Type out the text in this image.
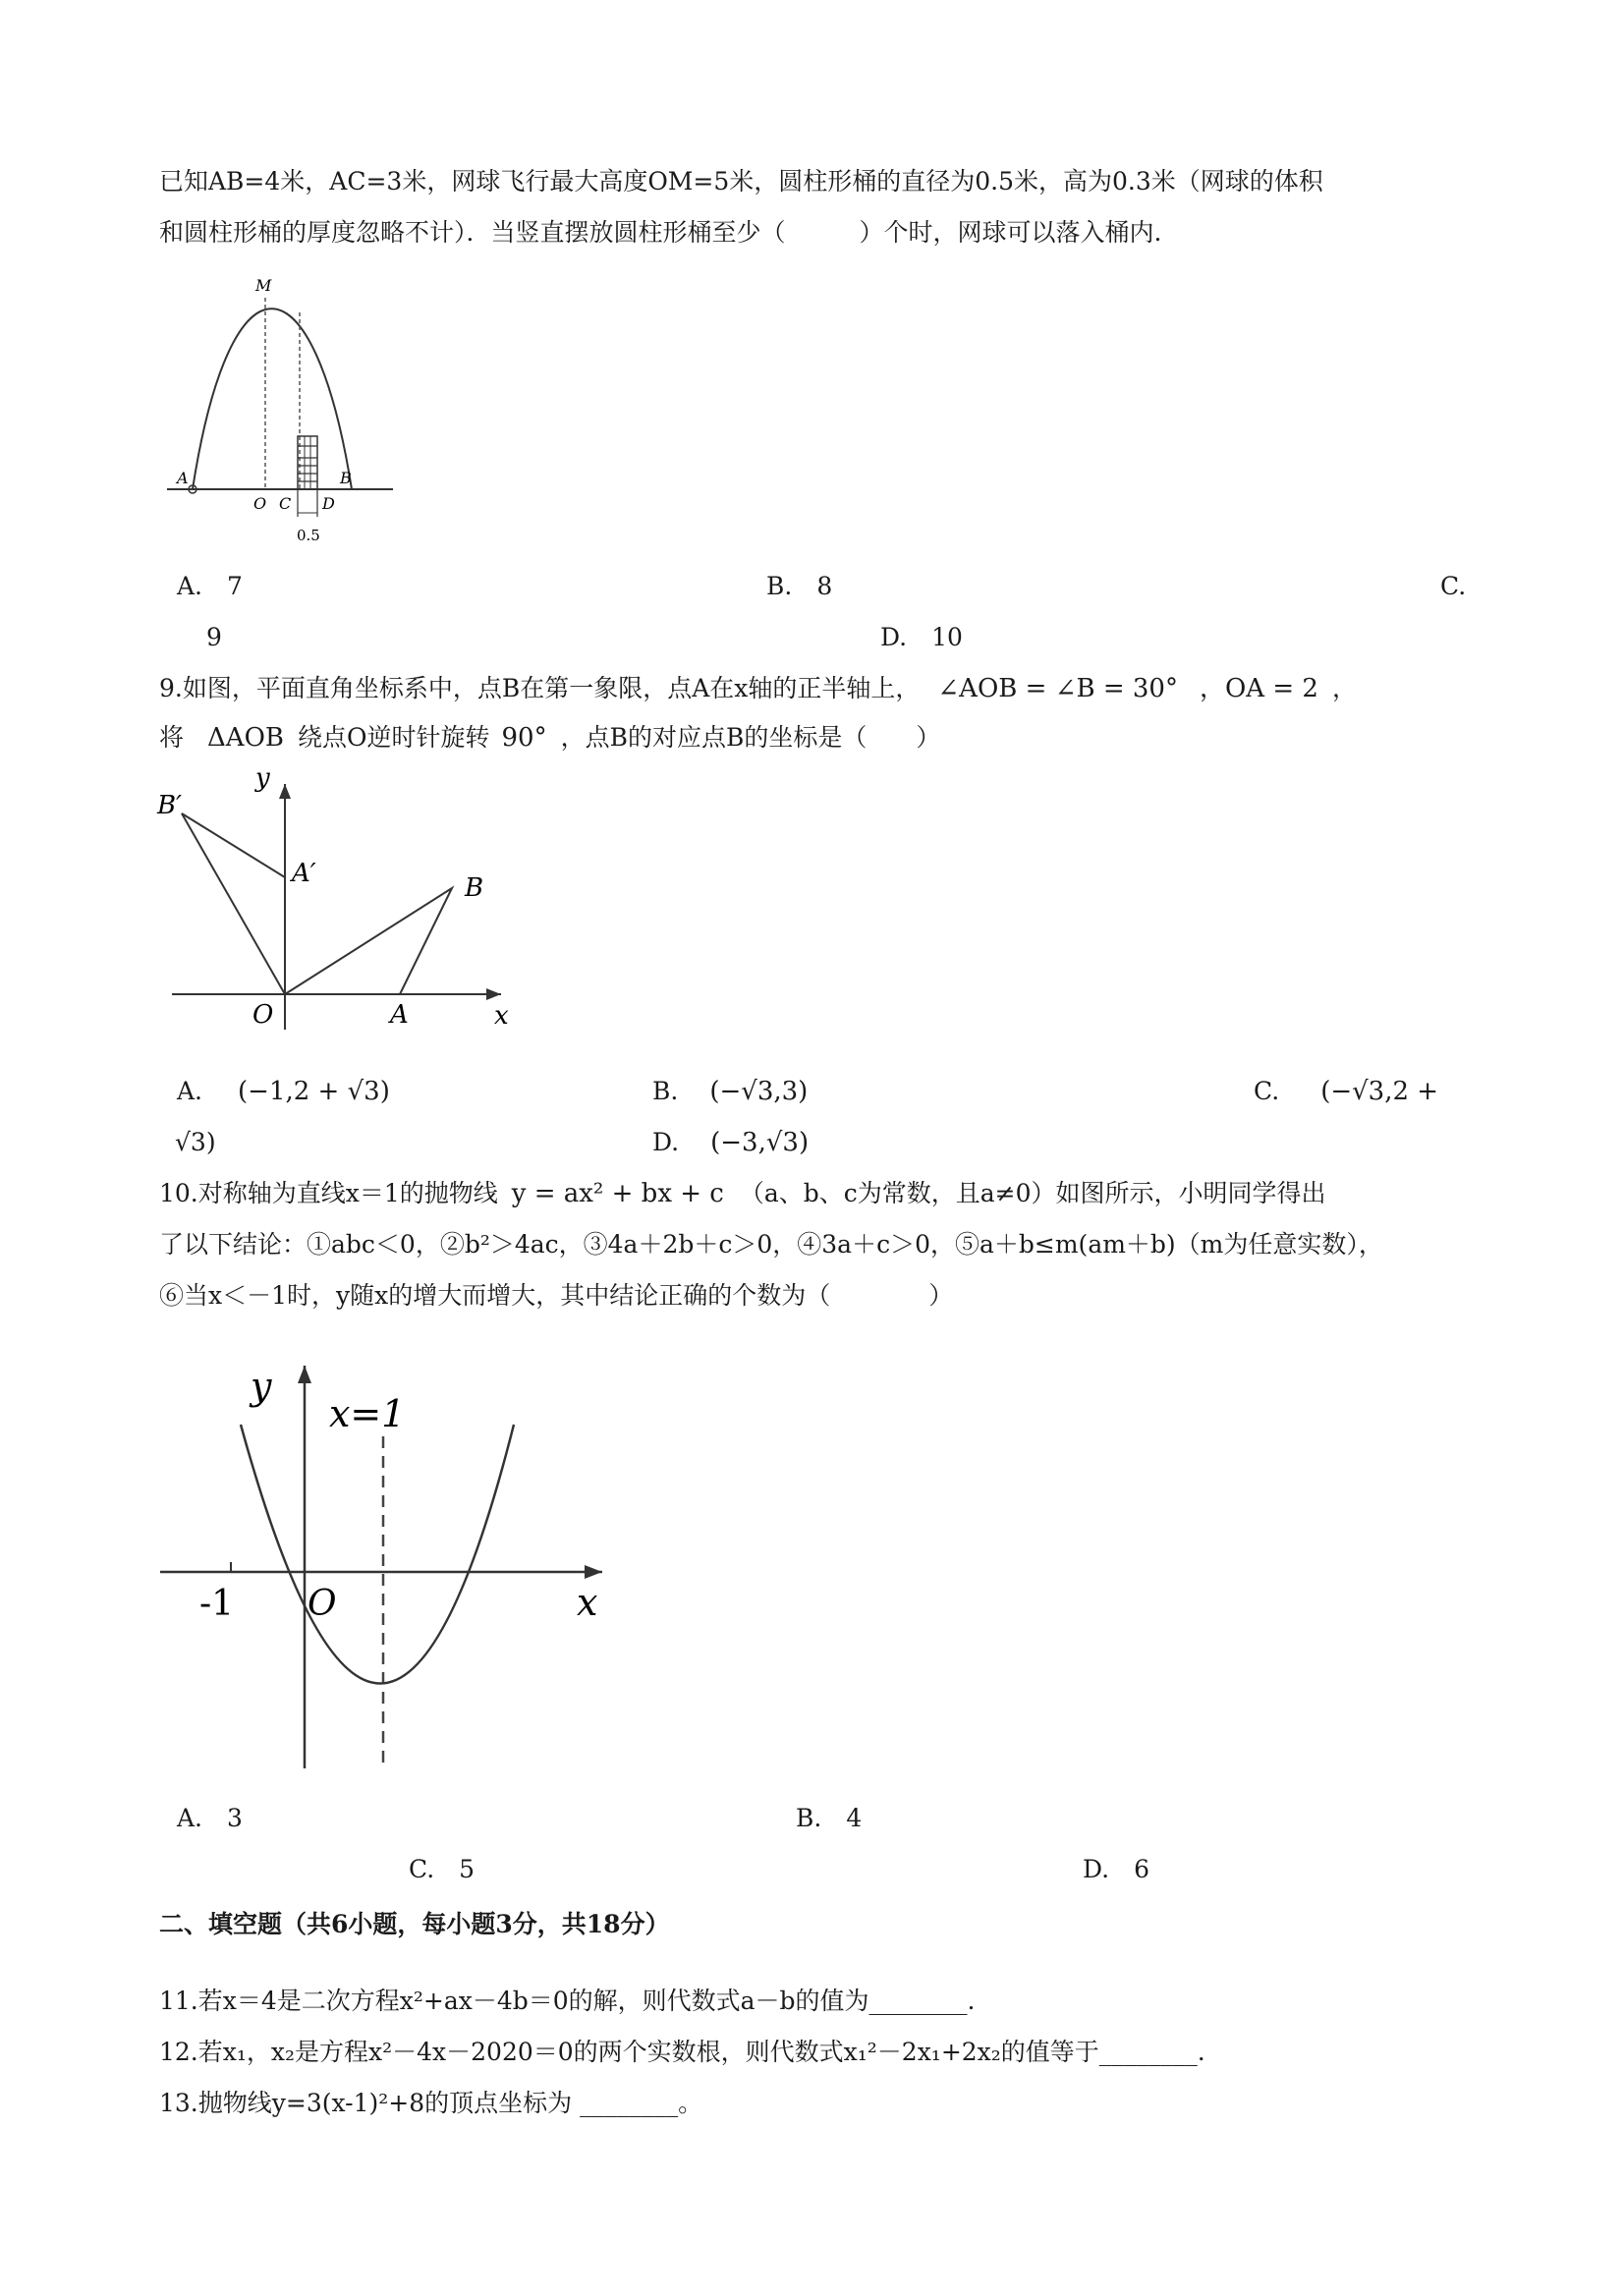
已知AB=4米，AC=3米，网球飞行最大高度OM=5米，圆柱形桶的直径为0.5米，高为0.3米（网球的体积
和圆柱形桶的厚度忽略不计）．当竖直摆放圆柱形桶至少（　　　）个时，网球可以落入桶内.
M
A
O C D
B
0.5
A.　7	B.　8	C.
9	D.　10
9.如图，平面直角坐标系中，点B在第一象限，点A在x轴的正半轴上， ∠AOB = ∠B = 30° ，OA = 2 ，
将 ΔAOB 绕点O逆时针旋转 90° ，点B的对应点B的坐标是（　　）
B′
A′	B
O	A	x
y
A. (−1,2 + √3)	B. (−√3,3)	C. (−√3,2 +
√3)	D. (−3,√3)
10.对称轴为直线x＝1的抛物线 y = ax² + bx + c （a、b、c为常数，且a≠0）如图所示，小明同学得出
了以下结论：①abc＜0，②b²＞4ac，③4a＋2b＋c＞0，④3a＋c＞0，⑤a＋b≤m(am＋b)（m为任意实数），
⑥当x＜－1时，y随x的增大而增大，其中结论正确的个数为（　　　　）
y
x
x=1
-1 O
A.　3	B.　4
C.　5	D.　6
二、填空题（共6小题，每小题3分，共18分）
11.若x＝4是二次方程x²+ax－4b＝0的解，则代数式a－b的值为________.
12.若x₁，x₂是方程x²－4x－2020＝0的两个实数根，则代数式x₁²－2x₁+2x₂的值等于________.
13.抛物线y=3(x-1)²+8的顶点坐标为 ________。
